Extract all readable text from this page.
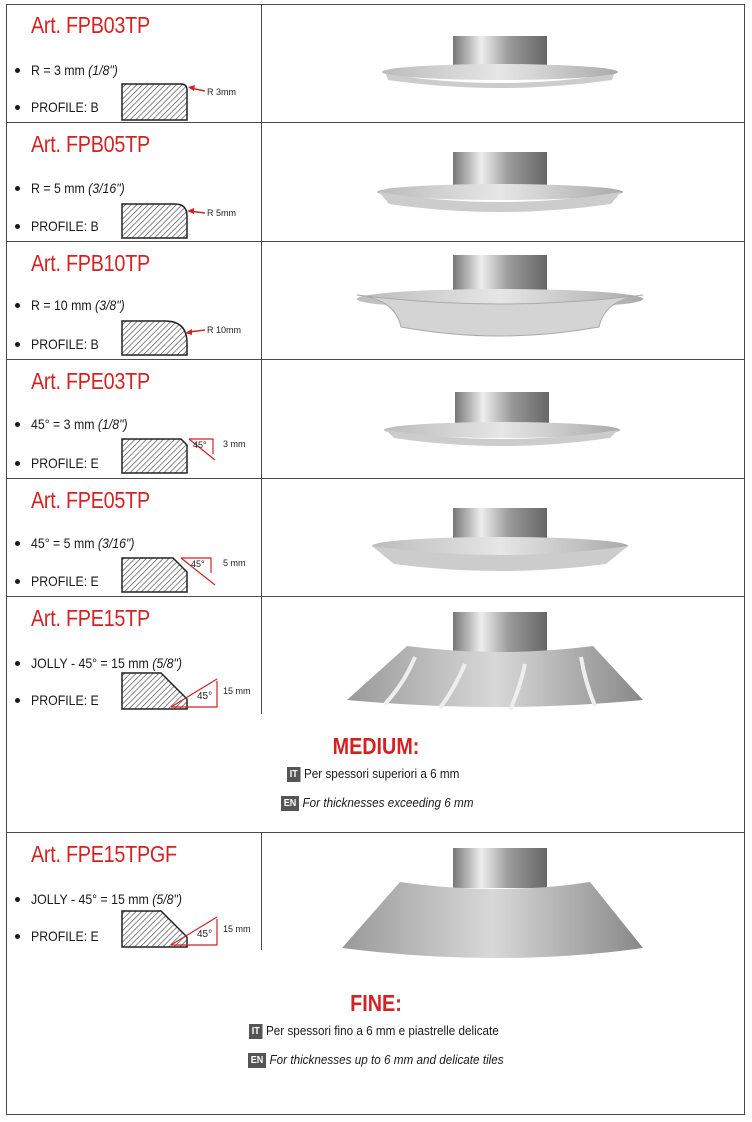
Art. FPB03TP
R = 3 mm (1/8")
PROFILE: B
R 3mm
Art. FPB05TP
R = 5 mm (3/16")
PROFILE: B
R 5mm
Art. FPB10TP
R = 10 mm (3/8")
PROFILE: B
R 10mm
Art. FPE03TP
45° = 3 mm (1/8")
PROFILE: E
45° 3 mm
Art. FPE05TP
45° = 5 mm (3/16")
PROFILE: E
45° 5 mm
Art. FPE15TP
JOLLY - 45° = 15 mm (5/8")
PROFILE: E	45° 15 mm
MEDIUM:
IT Per spessori superiori a 6 mm
EN For thicknesses exceeding 6 mm
Art. FPE15TPGF
JOLLY - 45° = 15 mm (5/8")
PROFILE: E	45° 15 mm
FINE:
IT Per spessori fino a 6 mm e piastrelle delicate
EN For thicknesses up to 6 mm and delicate tiles
